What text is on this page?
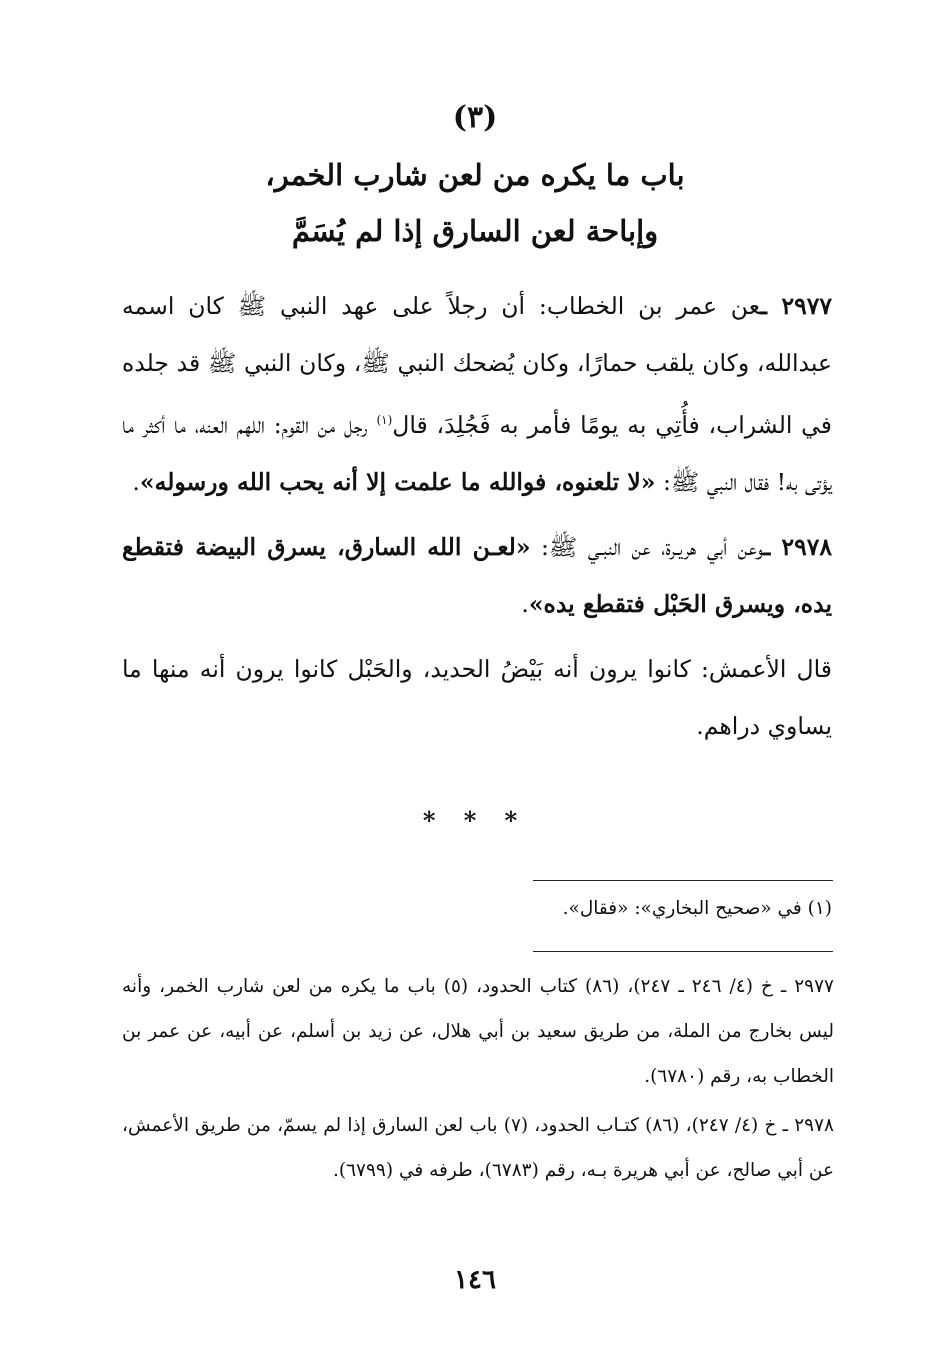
(٣)
باب ما يكره من لعن شارب الخمر،
وإباحة لعن السارق إذا لم يُسَمَّ

٢٩٧٧ ـعن عمر بن الخطاب: أن رجلاً على عهد النبي ﷺ كان اسمه عبدالله، وكان يلقب حمارًا، وكان يُضحك النبي ﷺ، وكان النبي ﷺ قد جلده في الشراب، فأُتِي به يومًا فأمر به فَجُلِدَ، قال$^{(١)}$ رجل من القوم: اللهم العنه، ما أكثر ما يؤتى به! فقال النبي ﷺ: «لا تلعنوه، فوالله ما علمت إلا أنه يحب الله ورسوله».

٢٩٧٨ ـوعن أبي هريـرة، عن النبـي ﷺ: «لعـن الله السارق، يسرق البيضة فتقطع يده، ويسرق الحَبْل فتقطع يده».

قال الأعمش: كانوا يرون أنه بَيْضُ الحديد، والحَبْل كانوا يرون أنه منها ما يساوي دراهم.

* * *
(١) في «صحيح البخاري»: «فقال».

٢٩٧٧ ـ خ (٤/ ٢٤٦ ـ ٢٤٧)، (٨٦) كتاب الحدود، (٥) باب ما يكره من لعن شارب الخمر، وأنه ليس بخارج من الملة، من طريق سعيد بن أبي هلال، عن زيد بن أسلم، عن أبيه، عن عمر بن الخطاب به، رقم (٦٧٨٠).

٢٩٧٨ ـ خ (٤/ ٢٤٧)، (٨٦) كتـاب الحدود، (٧) باب لعن السارق إذا لم يسمّ، من طريق الأعمش، عن أبي صالح، عن أبي هريرة بـه، رقم (٦٧٨٣)، طرفه في (٦٧٩٩).

١٤٦
